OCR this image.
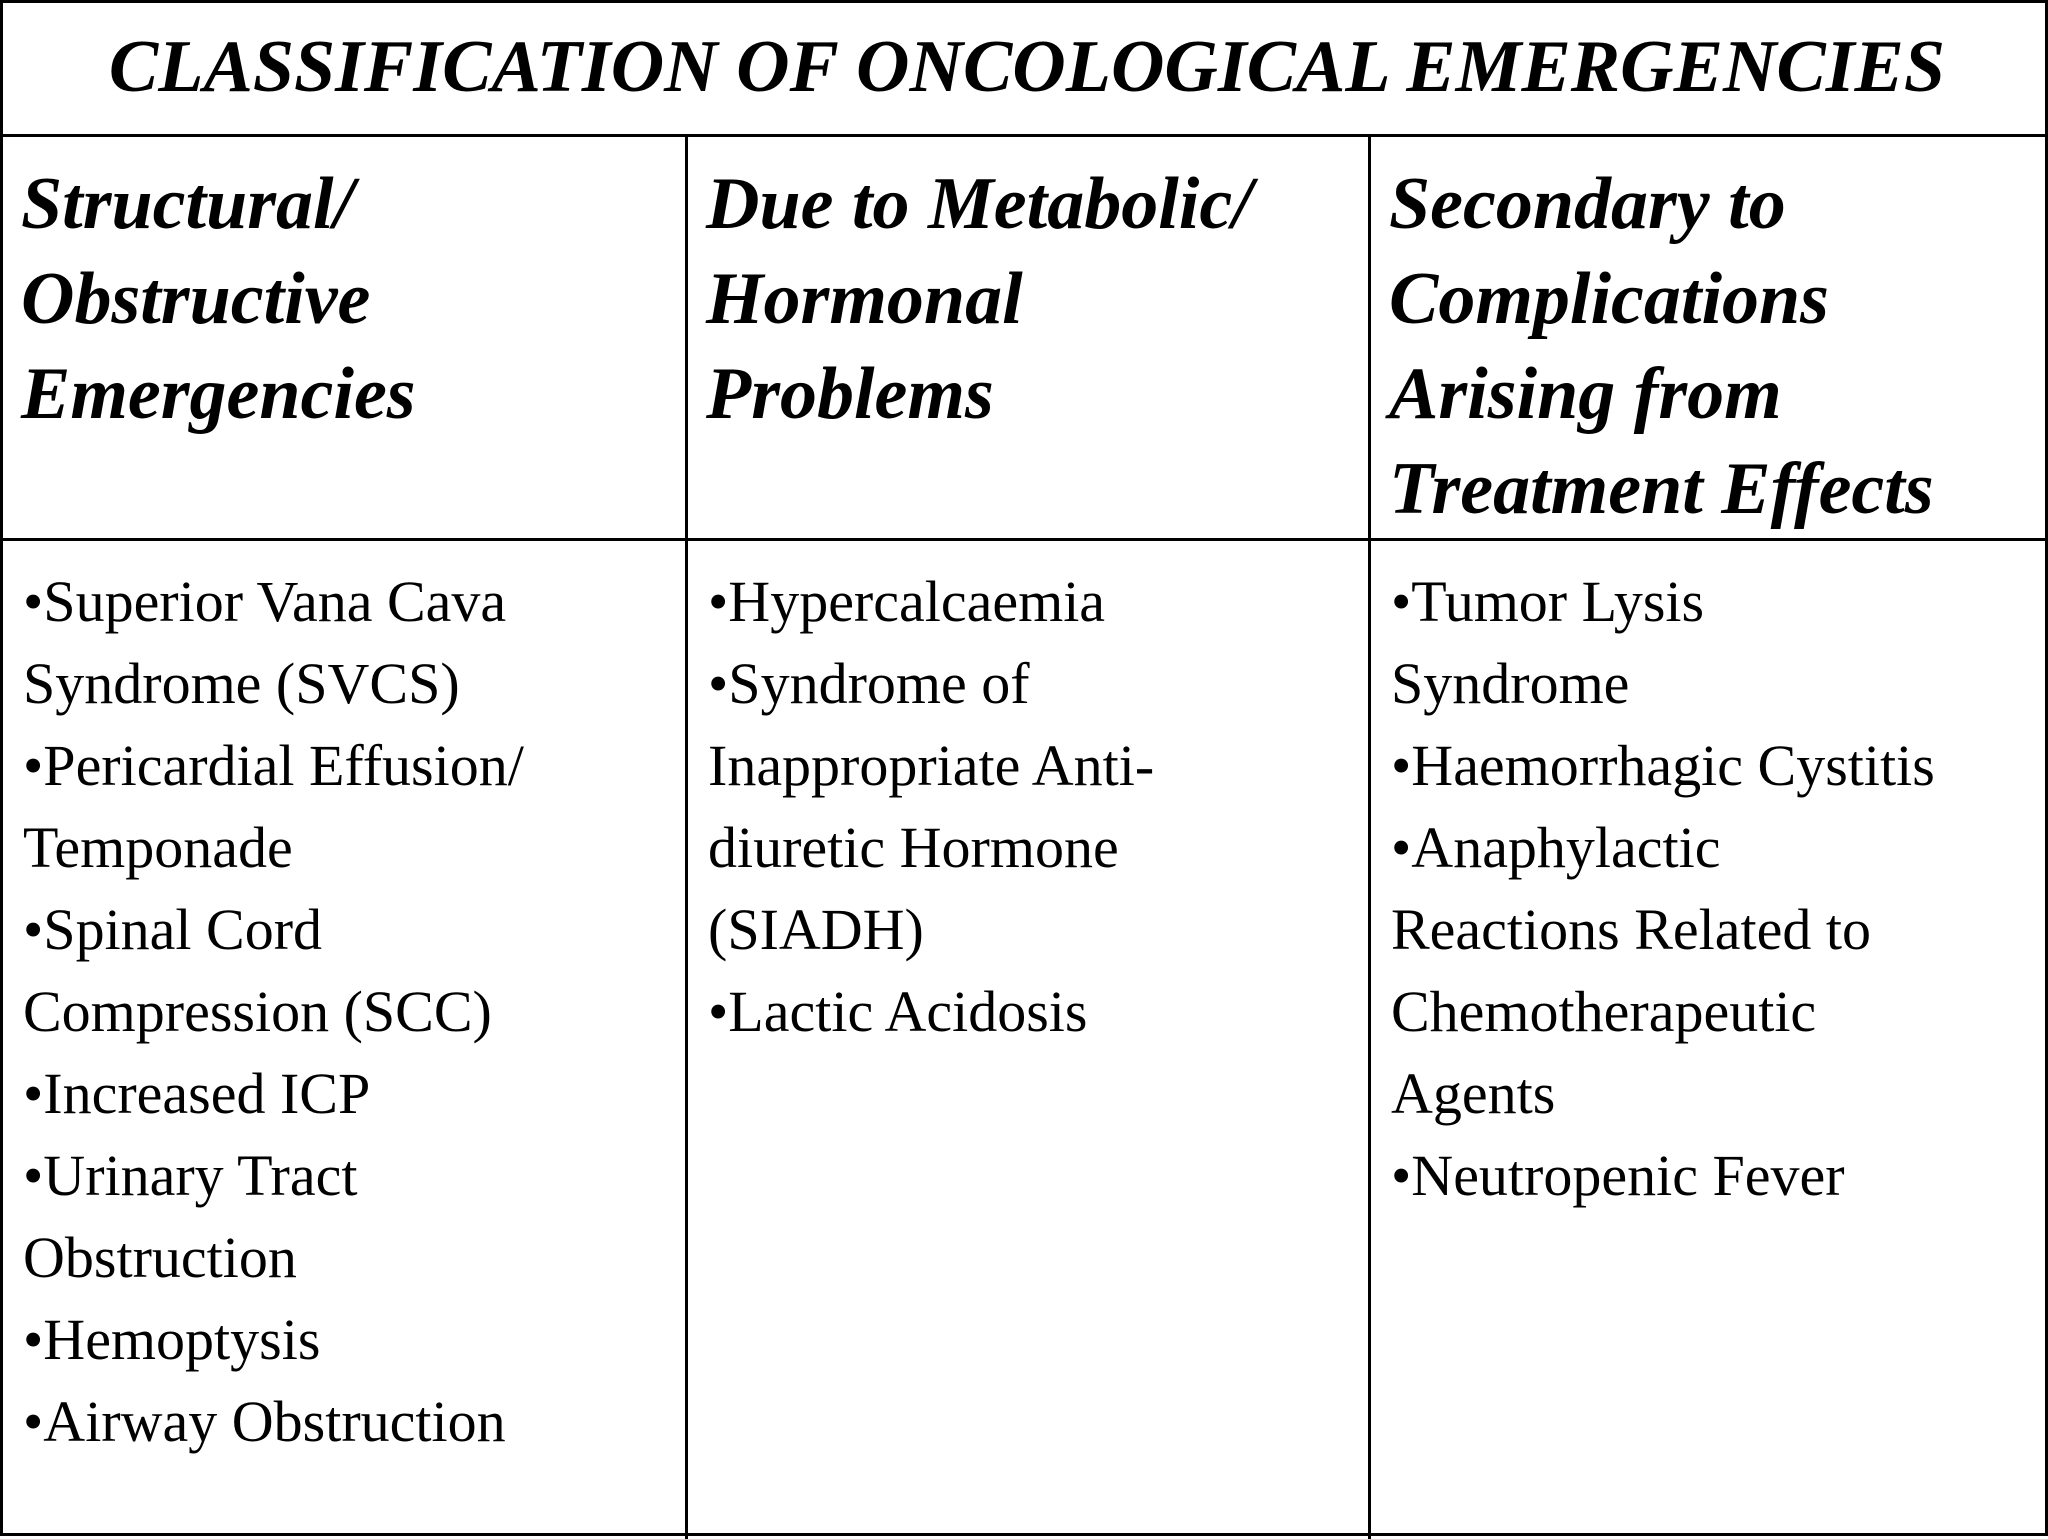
CLASSIFICATION OF ONCOLOGICAL EMERGENCIES
Structural/
Obstructive
Emergencies
Due to Metabolic/
Hormonal
Problems
Secondary to
Complications
Arising from
Treatment Effects
•Superior Vana Cava
Syndrome (SVCS)
•Pericardial Effusion/
Temponade
•Spinal Cord
Compression (SCC)
•Increased ICP
•Urinary Tract
Obstruction
•Hemoptysis
•Airway Obstruction
•Hypercalcaemia
•Syndrome of
Inappropriate Anti-
diuretic Hormone
(SIADH)
•Lactic Acidosis
•Tumor Lysis
Syndrome
•Haemorrhagic Cystitis
•Anaphylactic
Reactions Related to
Chemotherapeutic
Agents
•Neutropenic Fever
